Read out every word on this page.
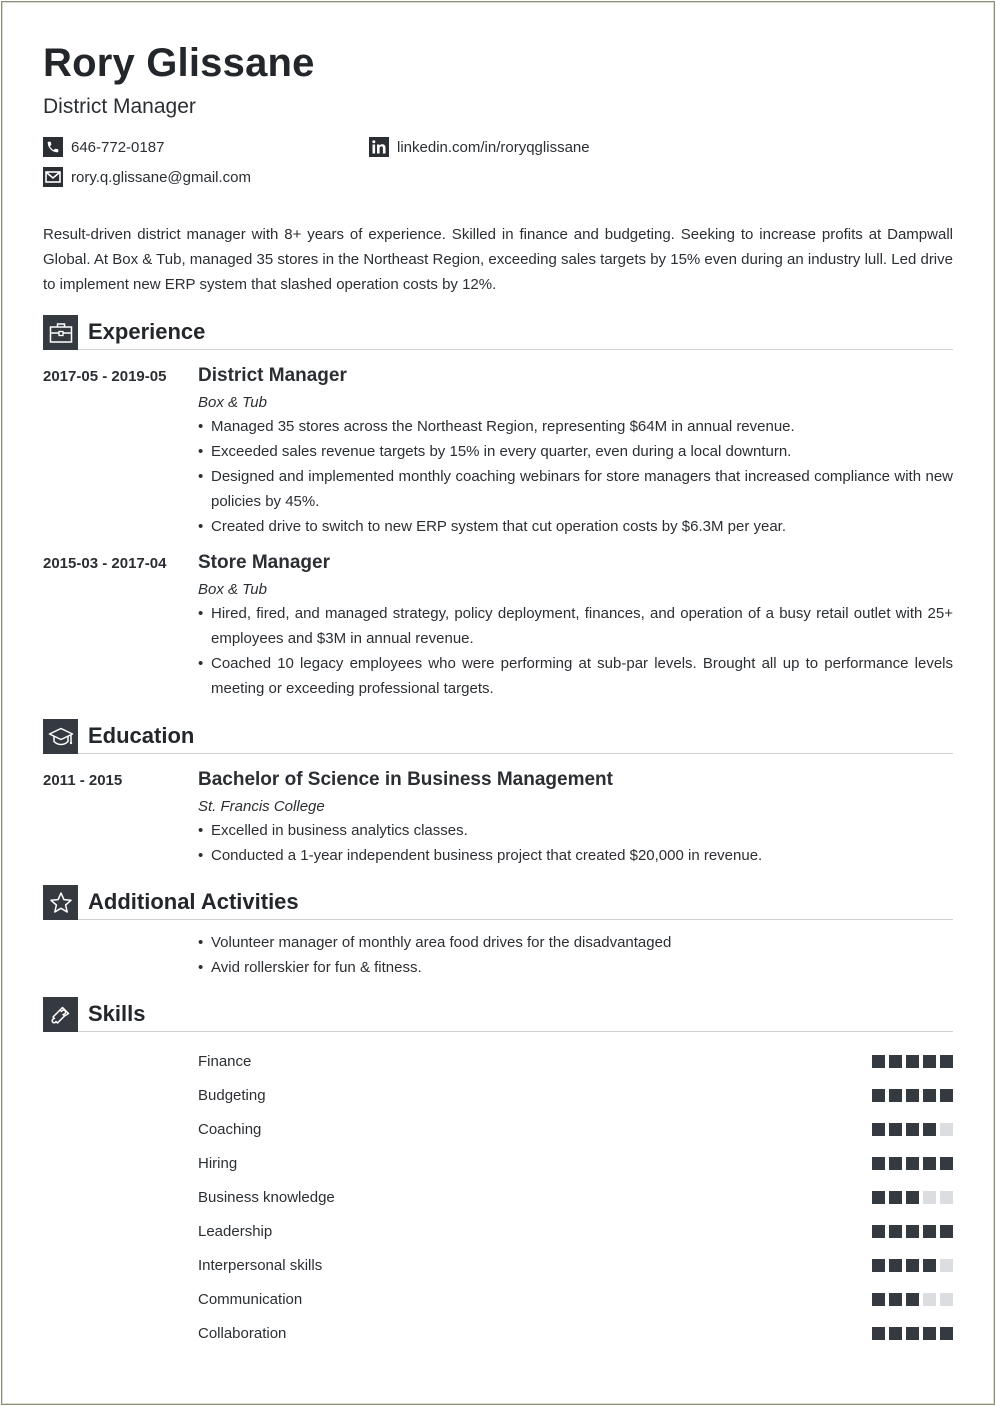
Rory Glissane
District Manager
646-772-0187
rory.q.glissane@gmail.com
linkedin.com/in/roryqglissane

Result-driven district manager with 8+ years of experience. Skilled in finance and budgeting. Seeking to increase profits at Dampwall Global. At Box & Tub, managed 35 stores in the Northeast Region, exceeding sales targets by 15% even during an industry lull. Led drive to implement new ERP system that slashed operation costs by 12%.

Experience
2017-05 - 2019-05	District Manager
Box & Tub
• Managed 35 stores across the Northeast Region, representing $64M in annual revenue.
• Exceeded sales revenue targets by 15% in every quarter, even during a local downturn.
• Designed and implemented monthly coaching webinars for store managers that increased compliance with new policies by 45%.
• Created drive to switch to new ERP system that cut operation costs by $6.3M per year.
2015-03 - 2017-04	Store Manager
Box & Tub
• Hired, fired, and managed strategy, policy deployment, finances, and operation of a busy retail outlet with 25+ employees and $3M in annual revenue.
• Coached 10 legacy employees who were performing at sub-par levels. Brought all up to performance levels meeting or exceeding professional targets.
Education
2011 - 2015	Bachelor of Science in Business Management
St. Francis College
• Excelled in business analytics classes.
• Conducted a 1-year independent business project that created $20,000 in revenue.
Additional Activities
• Volunteer manager of monthly area food drives for the disadvantaged
• Avid rollerskier for fun & fitness.
Skills
Finance
Budgeting
Coaching
Hiring
Business knowledge
Leadership
Interpersonal skills
Communication
Collaboration
